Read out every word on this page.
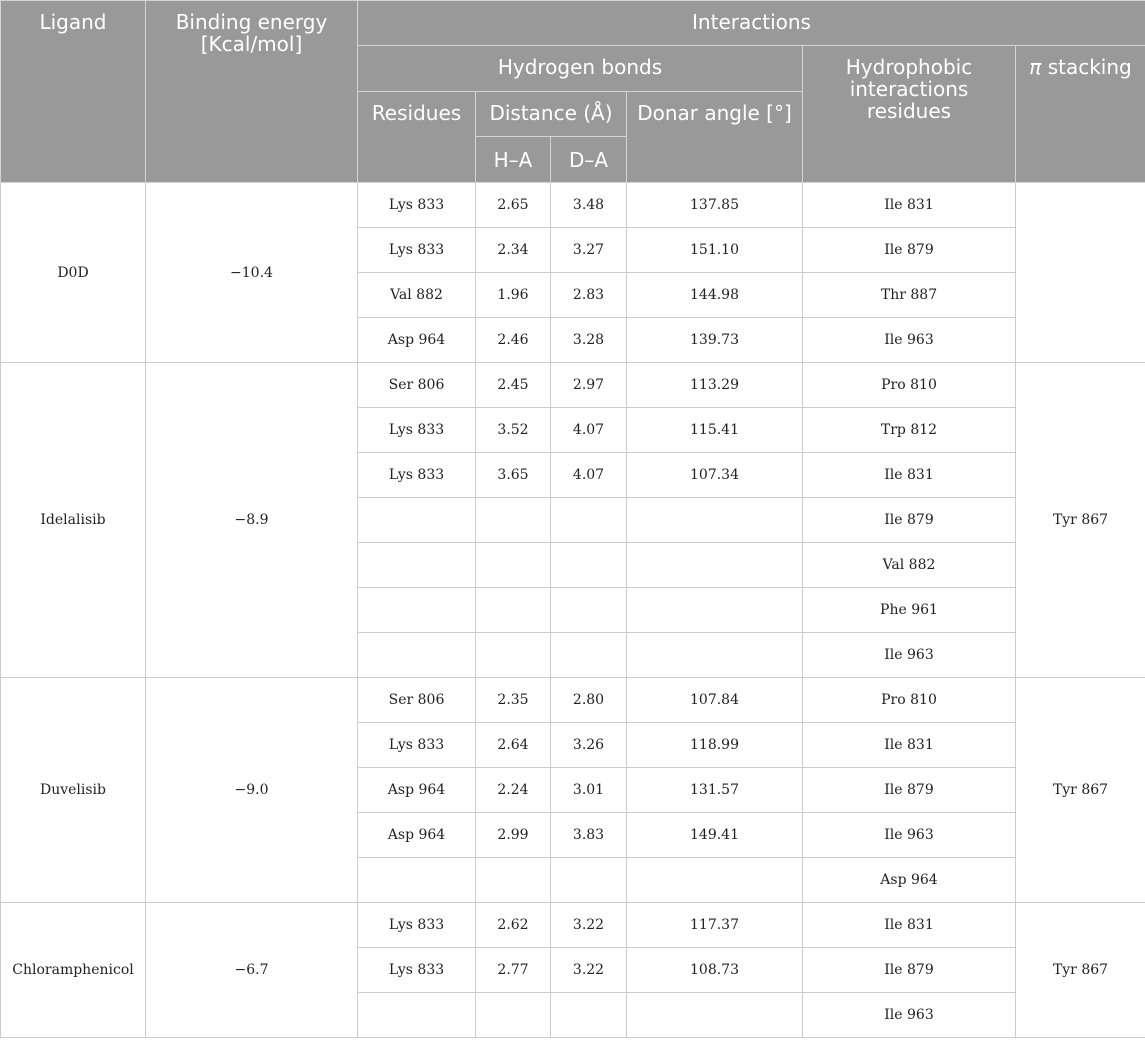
Ligand	Binding energy [Kcal/mol]	Interactions					
		Hydrogen bonds				Hydrophobic interactions residues	π stacking
		Residues	Distance (Å)		Donar angle [°]		
			H–A	D–A			
D0D	−10.4	Lys 833	2.65	3.48	137.85	Ile 831	
		Lys 833	2.34	3.27	151.10	Ile 879	
		Val 882	1.96	2.83	144.98	Thr 887	
		Asp 964	2.46	3.28	139.73	Ile 963	
Idelalisib	−8.9	Ser 806	2.45	2.97	113.29	Pro 810	Tyr 867
		Lys 833	3.52	4.07	115.41	Trp 812	
		Lys 833	3.65	4.07	107.34	Ile 831	
						Ile 879	
						Val 882	
						Phe 961	
						Ile 963	
Duvelisib	−9.0	Ser 806	2.35	2.80	107.84	Pro 810	Tyr 867
		Lys 833	2.64	3.26	118.99	Ile 831	
		Asp 964	2.24	3.01	131.57	Ile 879	
		Asp 964	2.99	3.83	149.41	Ile 963	
						Asp 964	
Chloramphenicol	−6.7	Lys 833	2.62	3.22	117.37	Ile 831	Tyr 867
		Lys 833	2.77	3.22	108.73	Ile 879	
						Ile 963	
